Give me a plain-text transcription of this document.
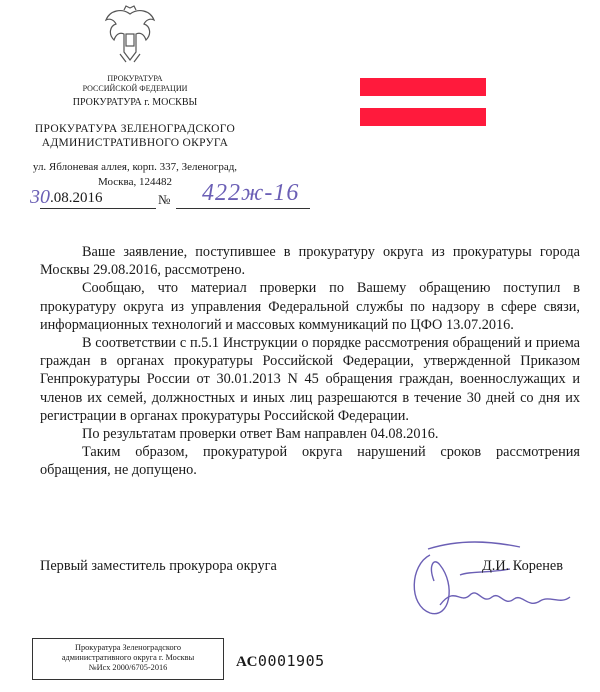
ПРОКУРАТУРА
РОССИЙСКОЙ ФЕДЕРАЦИИ
ПРОКУРАТУРА г. МОСКВЫ
ПРОКУРАТУРА ЗЕЛЕНОГРАДСКОГО
АДМИНИСТРАТИВНОГО ОКРУГА
ул. Яблоневая аллея, корп. 337, Зеленоград,
Москва, 124482
30 .08.2016	№ 422ж-16

Ваше заявление, поступившее в прокуратуру округа из прокуратуры города Москвы 29.08.2016, рассмотрено.

Сообщаю, что материал проверки по Вашему обращению поступил в прокуратуру округа из управления Федеральной службы по надзору в сфере связи, информационных технологий и массовых коммуникаций по ЦФО 13.07.2016.

В соответствии с п.5.1 Инструкции о порядке рассмотрения обращений и приема граждан в органах прокуратуры Российской Федерации, утвержденной Приказом Генпрокуратуры России от 30.01.2013 N 45 обращения граждан, военнослужащих и членов их семей, должностных и иных лиц разрешаются в течение 30 дней со дня их регистрации в органах прокуратуры Российской Федерации.

По результатам проверки ответ Вам направлен 04.08.2016.

Таким образом, прокуратурой округа нарушений сроков рассмотрения обращения, не допущено.

Первый заместитель прокурора округа	Д.И. Коренев
Прокуратура Зеленоградского
административного округа г. Москвы
№Исх 2000/6705-2016	АС0001905
